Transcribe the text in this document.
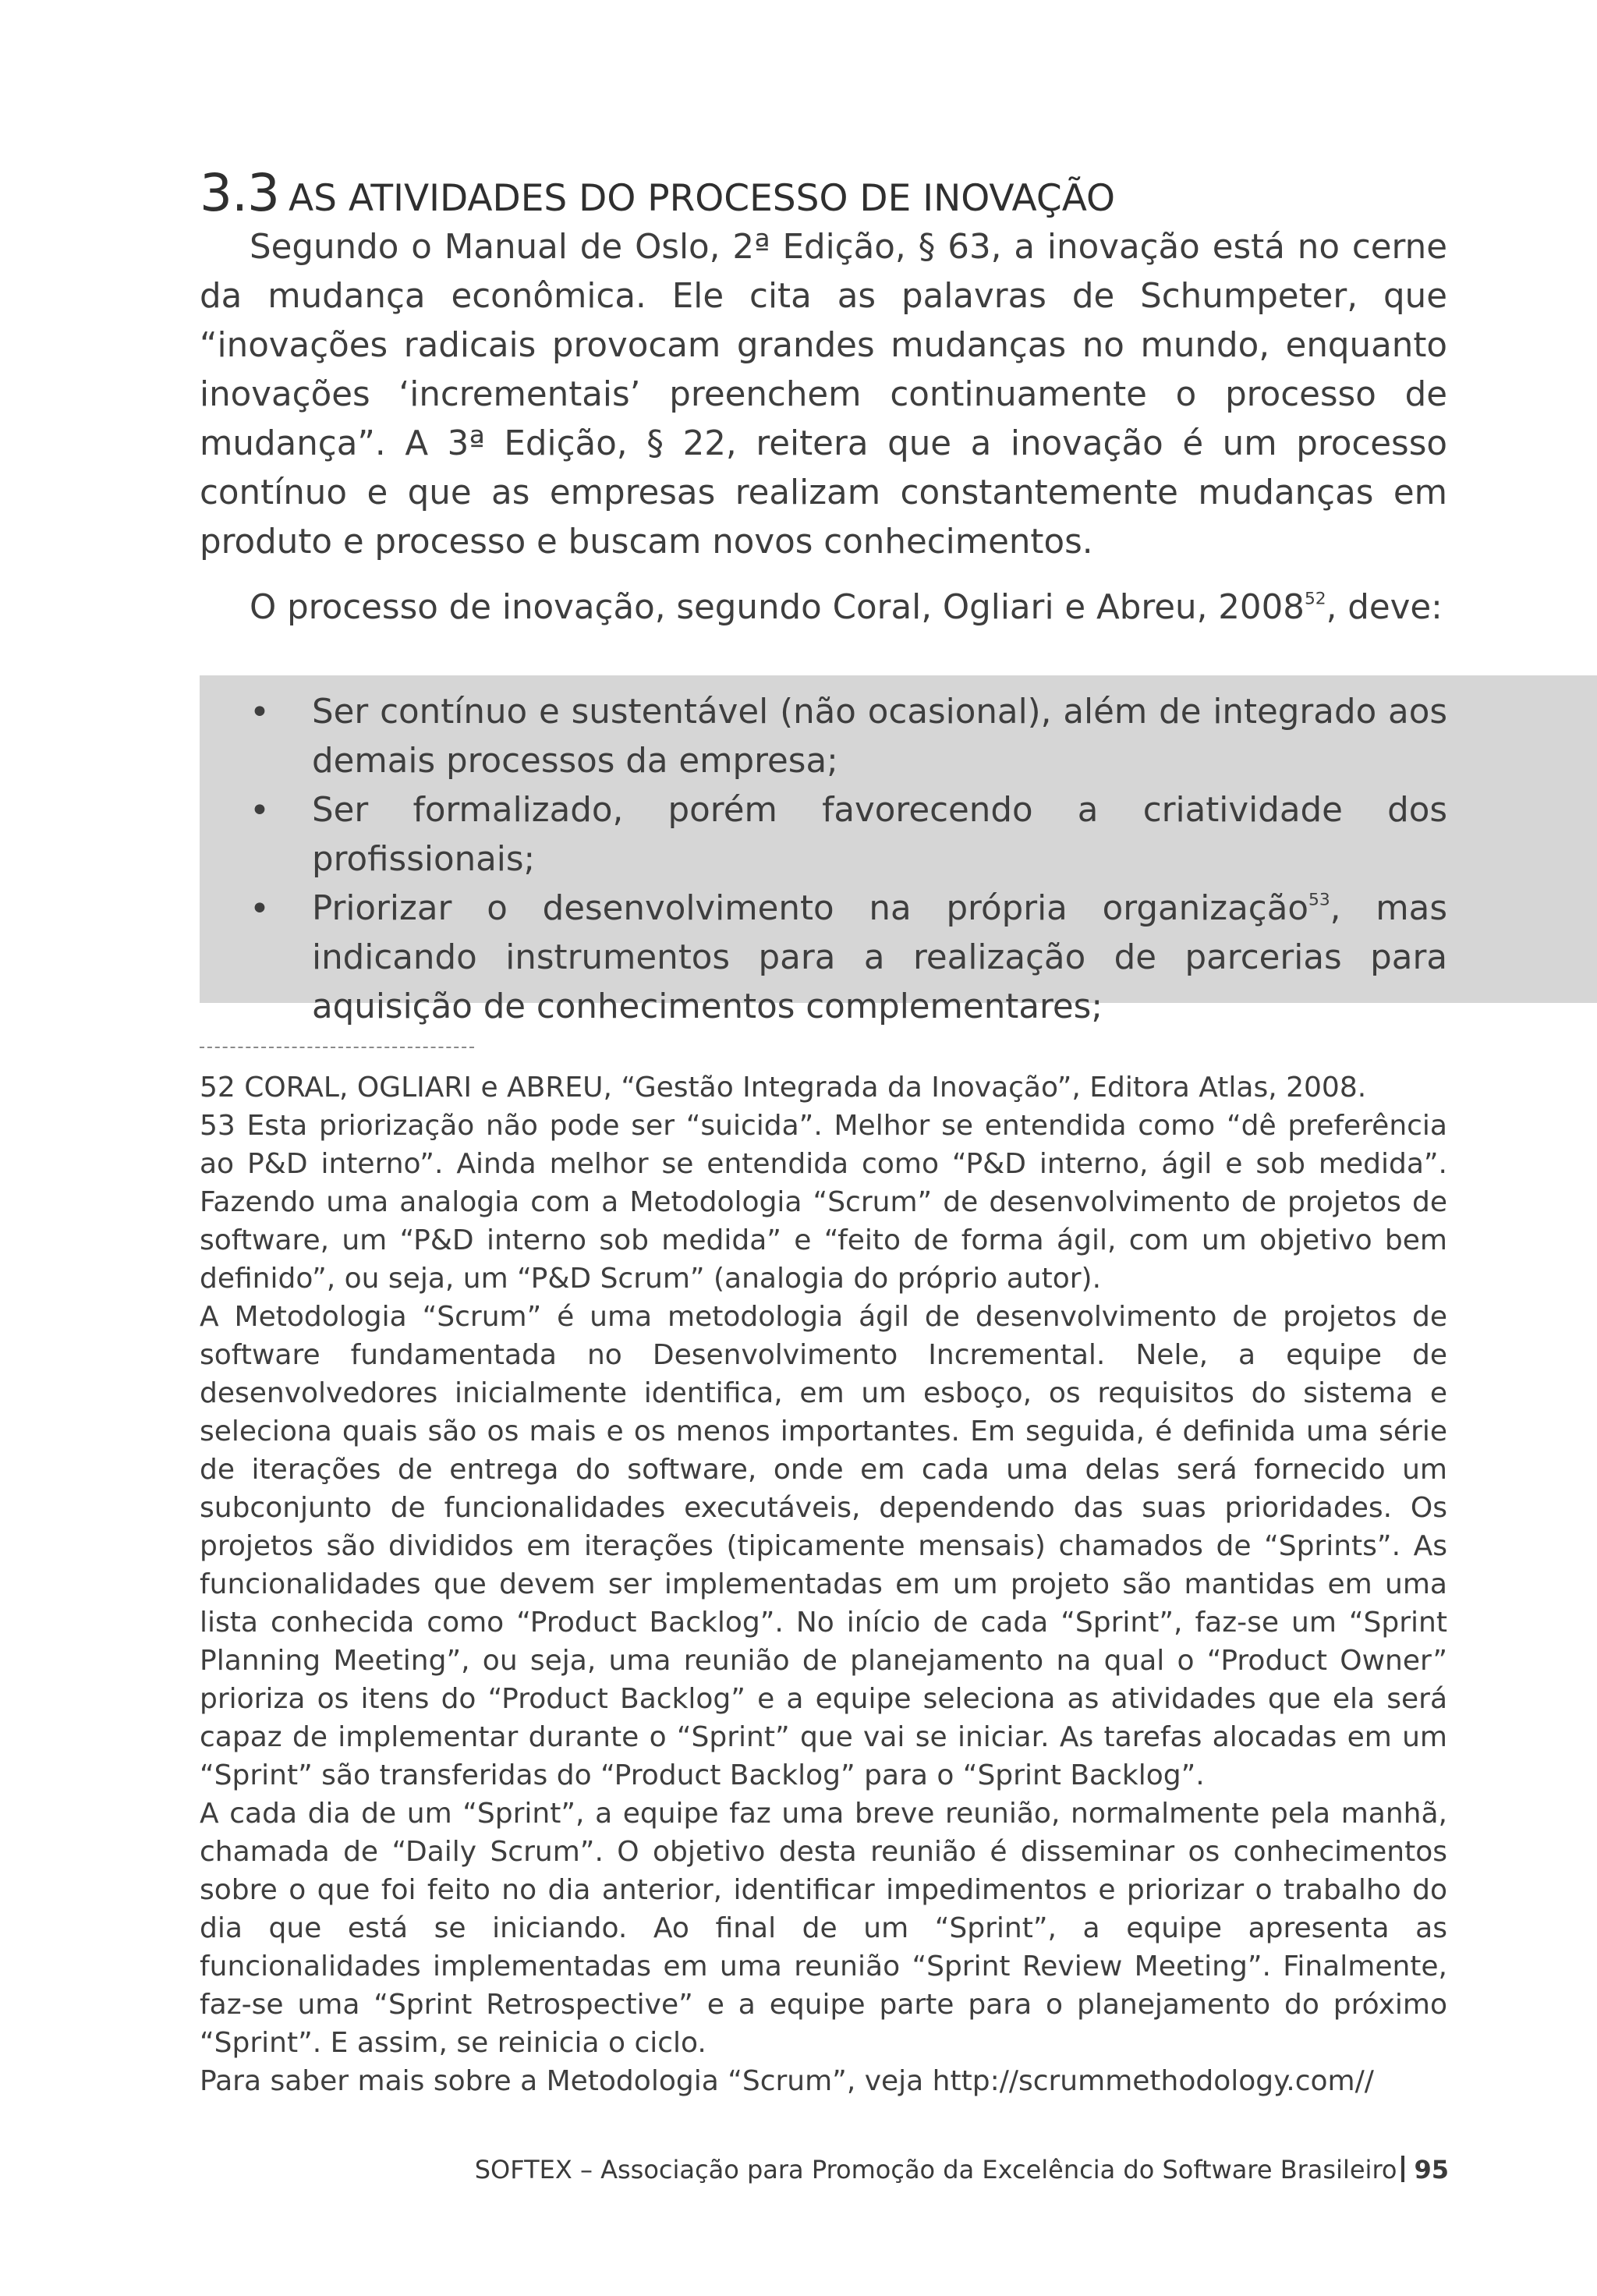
3.3 AS ATIVIDADES DO PROCESSO DE INOVAÇÃO

Segundo o Manual de Oslo, 2ª Edição, § 63, a inovação está no cerne da mudança econômica. Ele cita as palavras de Schumpeter, que “inovações radicais provocam grandes mudanças no mundo, enquanto inovações ‘incrementais’ preenchem continuamente o processo de mudança”. A 3ª Edição, § 22, reitera que a inovação é um processo contínuo e que as empresas realizam constantemente mudanças em produto e processo e buscam novos conhecimentos.

O processo de inovação, segundo Coral, Ogliari e Abreu, 2008$^{52}$, deve:

• Ser contínuo e sustentável (não ocasional), além de integrado aos demais processos da empresa;
• Ser formalizado, porém favorecendo a criatividade dos profissionais;
• Priorizar o desenvolvimento na própria organização$^{53}$, mas indicando instrumentos para a realização de parcerias para aquisição de conhecimentos complementares;

52 CORAL, OGLIARI e ABREU, “Gestão Integrada da Inovação”, Editora Atlas, 2008.

53 Esta priorização não pode ser “suicida”. Melhor se entendida como “dê preferência ao P&D interno”. Ainda melhor se entendida como “P&D interno, ágil e sob medida”. Fazendo uma analogia com a Metodologia “Scrum” de desenvolvimento de projetos de software, um “P&D interno sob medida” e “feito de forma ágil, com um objetivo bem definido”, ou seja, um “P&D Scrum” (analogia do próprio autor).

A Metodologia “Scrum” é uma metodologia ágil de desenvolvimento de projetos de software fundamentada no Desenvolvimento Incremental. Nele, a equipe de desenvolvedores inicialmente identifica, em um esboço, os requisitos do sistema e seleciona quais são os mais e os menos importantes. Em seguida, é definida uma série de iterações de entrega do software, onde em cada uma delas será fornecido um subconjunto de funcionalidades executáveis, dependendo das suas prioridades. Os projetos são divididos em iterações (tipicamente mensais) chamados de “Sprints”. As funcionalidades que devem ser implementadas em um projeto são mantidas em uma lista conhecida como “Product Backlog”. No início de cada “Sprint”, faz-se um “Sprint Planning Meeting”, ou seja, uma reunião de planejamento na qual o “Product Owner” prioriza os itens do “Product Backlog” e a equipe seleciona as atividades que ela será capaz de implementar durante o “Sprint” que vai se iniciar. As tarefas alocadas em um “Sprint” são transferidas do “Product Backlog” para o “Sprint Backlog”.

A cada dia de um “Sprint”, a equipe faz uma breve reunião, normalmente pela manhã, chamada de “Daily Scrum”. O objetivo desta reunião é disseminar os conhecimentos sobre o que foi feito no dia anterior, identificar impedimentos e priorizar o trabalho do dia que está se iniciando. Ao final de um “Sprint”, a equipe apresenta as funcionalidades implementadas em uma reunião “Sprint Review Meeting”. Finalmente, faz-se uma “Sprint Retrospective” e a equipe parte para o planejamento do próximo “Sprint”. E assim, se reinicia o ciclo.

Para saber mais sobre a Metodologia “Scrum”, veja http://scrummethodology.com//

SOFTEX – Associação para Promoção da Excelência do Software Brasileiro 95
